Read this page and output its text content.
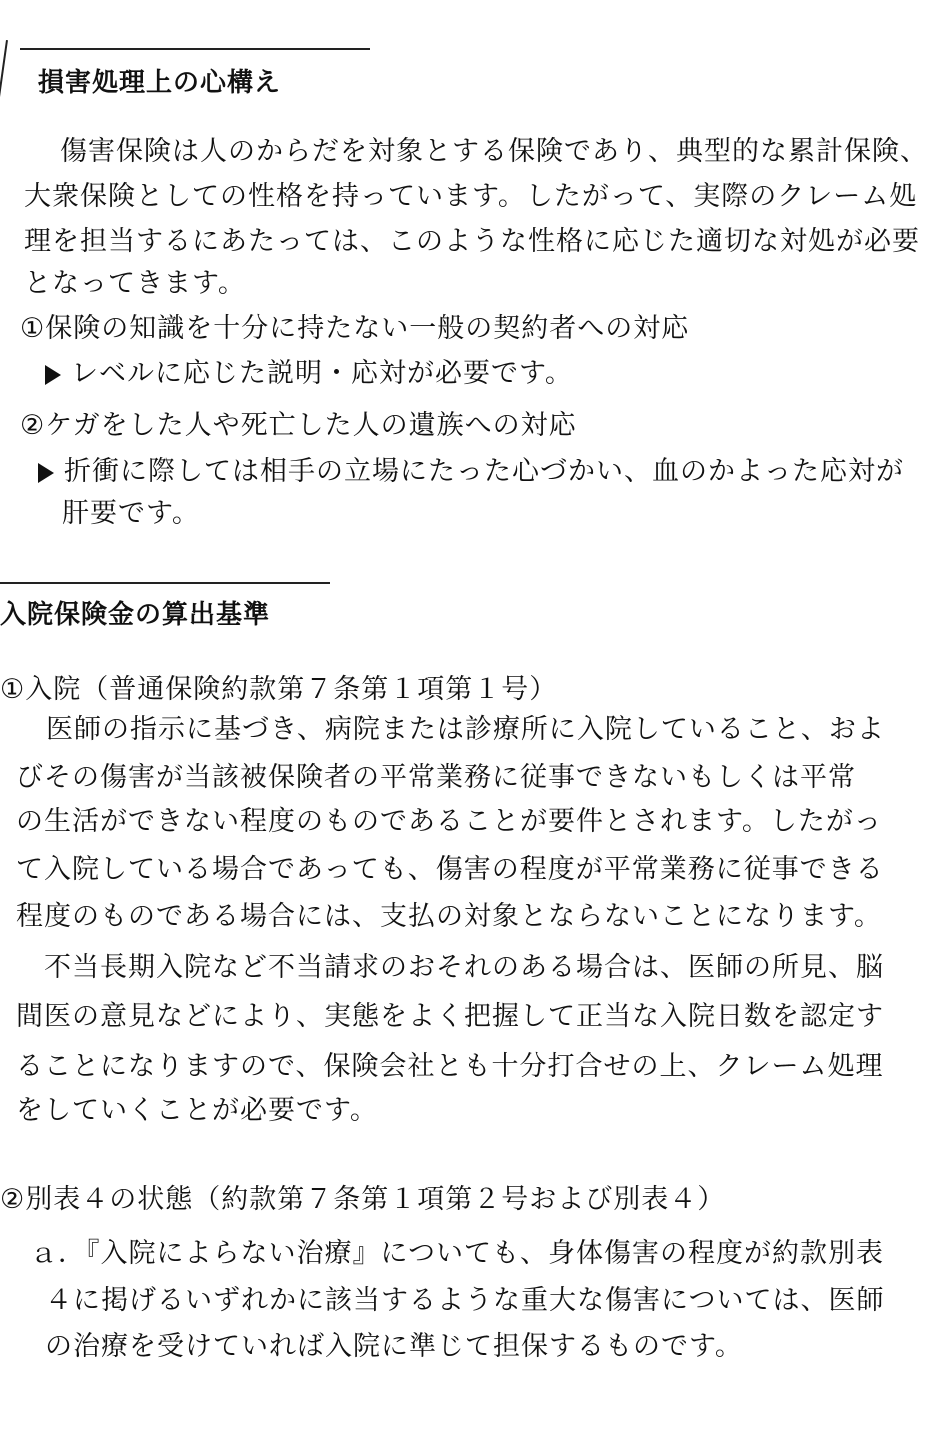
損害処理上の心構え
傷害保険は人のからだを対象とする保険であり、典型的な累計保険、
大衆保険としての性格を持っています。したがって、実際のクレーム処
理を担当するにあたっては、このような性格に応じた適切な対処が必要
となってきます。
①保険の知識を十分に持たない一般の契約者への対応
レベルに応じた説明・応対が必要です。
②ケガをした人や死亡した人の遺族への対応
折衝に際しては相手の立場にたった心づかい、血のかよった応対が
肝要です。
入院保険金の算出基準
①入院（普通保険約款第７条第１項第１号）
医師の指示に基づき、病院または診療所に入院していること、およ
びその傷害が当該被保険者の平常業務に従事できないもしくは平常
の生活ができない程度のものであることが要件とされます。したがっ
て入院している場合であっても、傷害の程度が平常業務に従事できる
程度のものである場合には、支払の対象とならないことになります。
　不当長期入院など不当請求のおそれのある場合は、医師の所見、脳
間医の意見などにより、実態をよく把握して正当な入院日数を認定す
ることになりますので、保険会社とも十分打合せの上、クレーム処理
をしていくことが必要です。
②別表４の状態（約款第７条第１項第２号および別表４）
ａ．『入院によらない治療』についても、身体傷害の程度が約款別表
４に掲げるいずれかに該当するような重大な傷害については、医師
の治療を受けていれば入院に準じて担保するものです。
